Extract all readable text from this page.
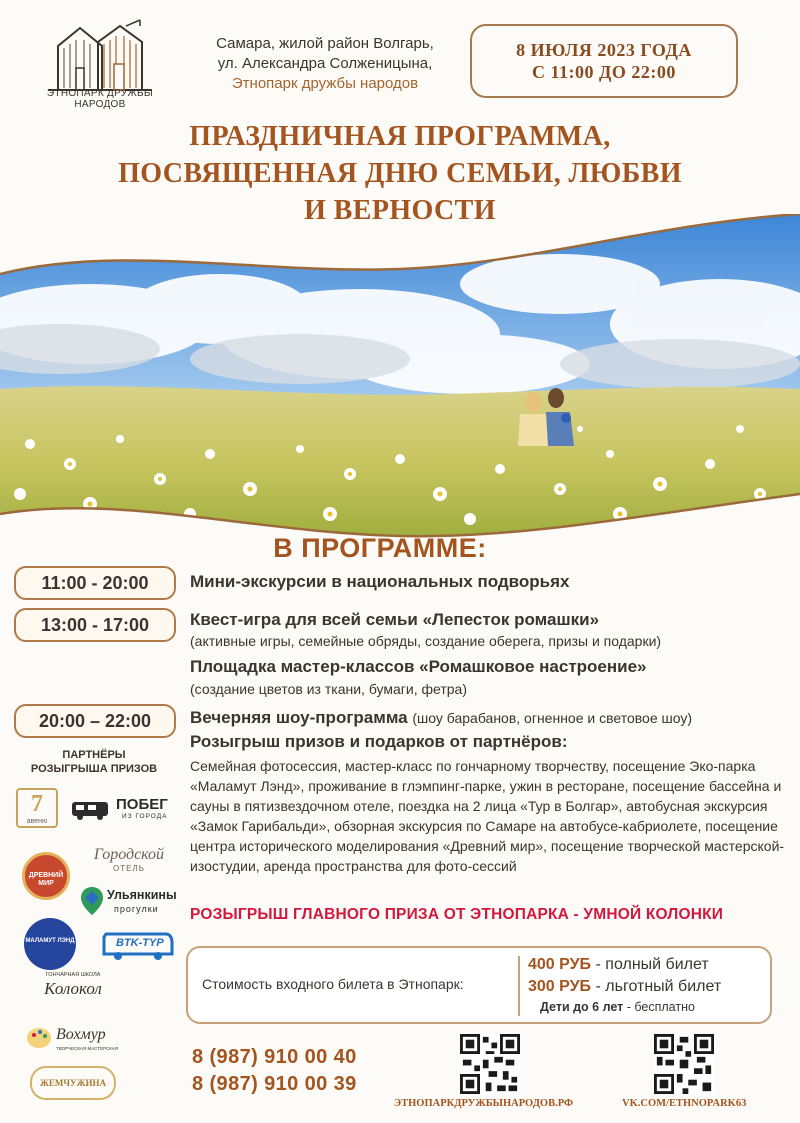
ЭТНОПАРК ДРУЖБЫ НАРОДОВ
Самара, жилой район Волгарь,
ул. Александра Солженицына,
Этнопарк дружбы народов
8 ИЮЛЯ 2023 ГОДА
С 11:00 ДО 22:00
ПРАЗДНИЧНАЯ ПРОГРАММА,
ПОСВЯЩЕННАЯ ДНЮ СЕМЬИ, ЛЮБВИ
И ВЕРНОСТИ
В ПРОГРАММЕ:
11:00 - 20:00	Мини-экскурсии в национальных подворьях
13:00 - 17:00	Квест-игра для всей семьи «Лепесток ромашки»
(активные игры, семейные обряды, создание оберега, призы и подарки)
Площадка мастер-классов «Ромашковое настроение»
(создание цветов из ткани, бумаги, фетра)
20:00 – 22:00	Вечерняя шоу-программа (шоу барабанов, огненное и световое шоу)
Розыгрыш призов и подарков от партнёров:
Семейная фотосессия, мастер-класс по гончарному творчеству, посещение Эко-парка «Маламут Лэнд», проживание в глэмпинг-парке, ужин в ресторане, посещение бассейна и сауны в пятизвездочном отеле, поездка на 2 лица «Тур в Болгар», автобусная экскурсия «Замок Гарибальди», обзорная экскурсия по Самаре на автобусе-кабриолете, посещение центра исторического моделирования «Древний мир», посещение творческой мастерской-изостудии, аренда пространства для фото-сессий
РОЗЫГРЫШ ГЛАВНОГО ПРИЗА ОТ ЭТНОПАРКА - УМНОЙ КОЛОНКИ
ПАРТНЁРЫ
РОЗЫГРЫША ПРИЗОВ
7
авеню
ПОБЕГ
ИЗ ГОРОДА
ДРЕВНИЙ МИР
Городской
ОТЕЛЬ
МАЛАМУТ ЛЭНД
Ульянкины
прогулки
BTK-TYP
ГОНЧАРНАЯ ШКОЛА
Колокол
Вохмур
ТВОРЧЕСКАЯ МАСТЕРСКАЯ
ЖЕМЧУЖИНА
Стоимость входного билета в Этнопарк:
400 РУБ - полный билет
300 РУБ - льготный билет
Дети до 6 лет - бесплатно
8 (987) 910 00 40
8 (987) 910 00 39
ЭТНОПАРКДРУЖБЫНАРОДОВ.РФ	VK.COM/ETHNOPARK63
